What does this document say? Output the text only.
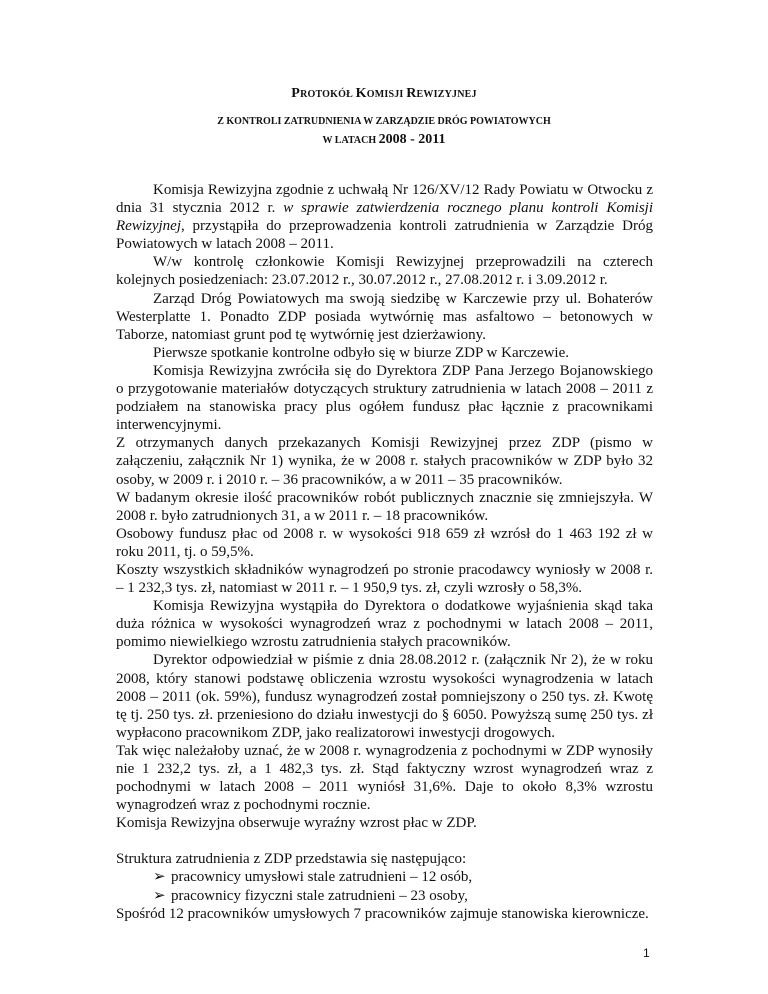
PROTOKÓŁ KOMISJI REWIZYJNEJ
Z KONTROLI ZATRUDNIENIA W ZARZĄDZIE DRÓG POWIATOWYCH
W LATACH 2008 - 2011

Komisja Rewizyjna zgodnie z uchwałą Nr 126/XV/12 Rady Powiatu w Otwocku z dnia 31 stycznia 2012 r. w sprawie zatwierdzenia rocznego planu kontroli Komisji Rewizyjnej, przystąpiła do przeprowadzenia kontroli zatrudnienia w Zarządzie Dróg Powiatowych w latach 2008 – 2011.

W/w kontrolę członkowie Komisji Rewizyjnej przeprowadzili na czterech kolejnych posiedzeniach: 23.07.2012 r., 30.07.2012 r., 27.08.2012 r. i 3.09.2012 r.

Zarząd Dróg Powiatowych ma swoją siedzibę w Karczewie przy ul. Bohaterów Westerplatte 1. Ponadto ZDP posiada wytwórnię mas asfaltowo – betonowych w Taborze, natomiast grunt pod tę wytwórnię jest dzierżawiony.

Pierwsze spotkanie kontrolne odbyło się w biurze ZDP w Karczewie.

Komisja Rewizyjna zwróciła się do Dyrektora ZDP Pana Jerzego Bojanowskiego o przygotowanie materiałów dotyczących struktury zatrudnienia w latach 2008 – 2011 z podziałem na stanowiska pracy plus ogółem fundusz płac łącznie z pracownikami interwencyjnymi.

Z otrzymanych danych przekazanych Komisji Rewizyjnej przez ZDP (pismo w załączeniu, załącznik Nr 1) wynika, że w 2008 r. stałych pracowników w ZDP było 32 osoby, w 2009 r. i 2010 r. – 36 pracowników, a w 2011 – 35 pracowników.

W badanym okresie ilość pracowników robót publicznych znacznie się zmniejszyła. W 2008 r. było zatrudnionych 31, a w 2011 r. – 18 pracowników.

Osobowy fundusz płac od 2008 r. w wysokości 918 659 zł wzrósł do 1 463 192 zł w roku 2011, tj. o 59,5%.

Koszty wszystkich składników wynagrodzeń po stronie pracodawcy wyniosły w 2008 r. – 1 232,3 tys. zł, natomiast w 2011 r. – 1 950,9 tys. zł, czyli wzrosły o 58,3%.

Komisja Rewizyjna wystąpiła do Dyrektora o dodatkowe wyjaśnienia skąd taka duża różnica w wysokości wynagrodzeń wraz z pochodnymi w latach 2008 – 2011, pomimo niewielkiego wzrostu zatrudnienia stałych pracowników.

Dyrektor odpowiedział w piśmie z dnia 28.08.2012 r. (załącznik Nr 2), że w roku 2008, który stanowi podstawę obliczenia wzrostu wysokości wynagrodzenia w latach 2008 – 2011 (ok. 59%), fundusz wynagrodzeń został pomniejszony o 250 tys. zł. Kwotę tę tj. 250 tys. zł. przeniesiono do działu inwestycji do § 6050. Powyższą sumę 250 tys. zł wypłacono pracownikom ZDP, jako realizatorowi inwestycji drogowych.

Tak więc należałoby uznać, że w 2008 r. wynagrodzenia z pochodnymi w ZDP wynosiły nie 1 232,2 tys. zł, a 1 482,3 tys. zł. Stąd faktyczny wzrost wynagrodzeń wraz z pochodnymi w latach 2008 – 2011 wyniósł 31,6%. Daje to około 8,3% wzrostu wynagrodzeń wraz z pochodnymi rocznie.

Komisja Rewizyjna obserwuje wyraźny wzrost płac w ZDP.

Struktura zatrudnienia z ZDP przedstawia się następująco:

➢ pracownicy umysłowi stale zatrudnieni – 12 osób,

➢ pracownicy fizyczni stale zatrudnieni – 23 osoby,

Spośród 12 pracowników umysłowych 7 pracowników zajmuje stanowiska kierownicze.

1
